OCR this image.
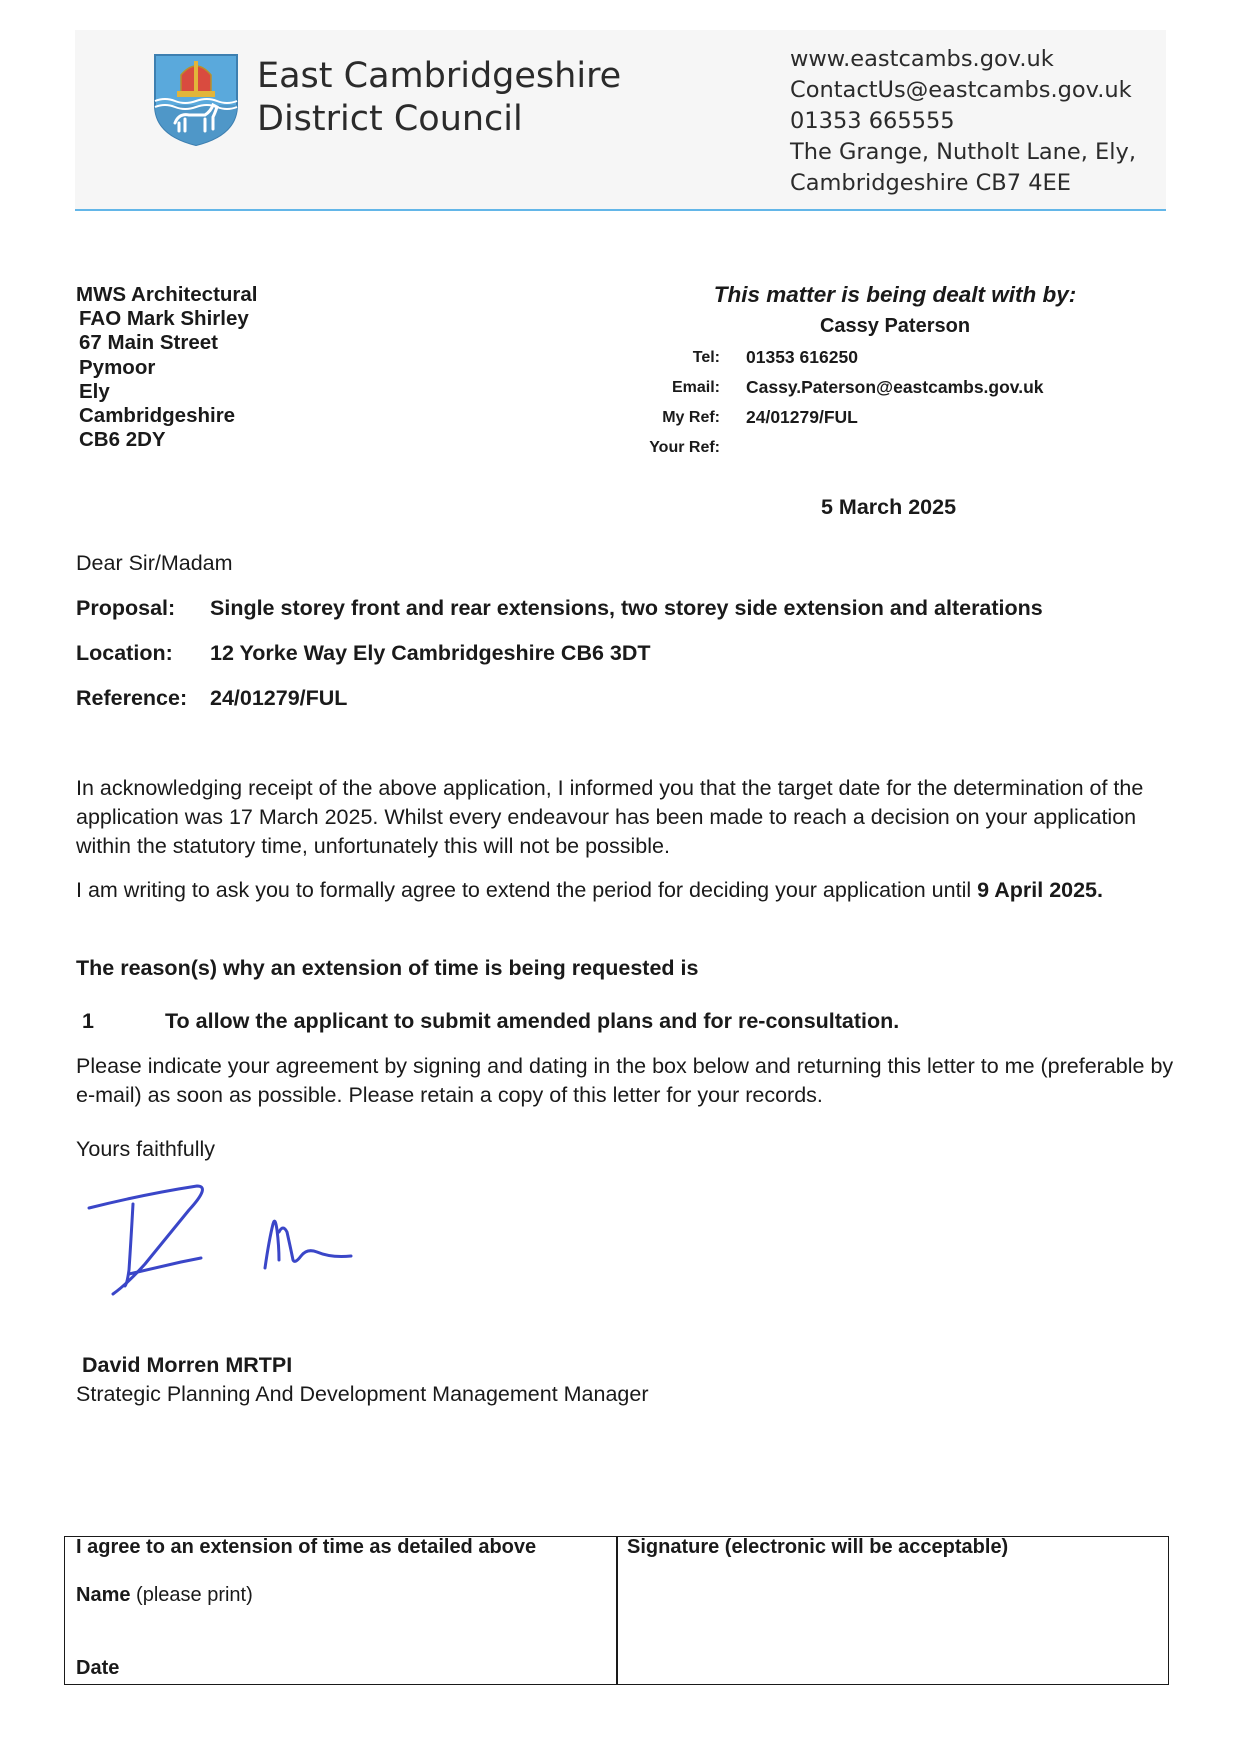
East Cambridgeshire
District Council
www.eastcambs.gov.uk
ContactUs@eastcambs.gov.uk
01353 665555
The Grange, Nutholt Lane, Ely,
Cambridgeshire CB7 4EE
MWS Architectural
FAO Mark Shirley
67 Main Street
Pymoor
Ely
Cambridgeshire
CB6 2DY
This matter is being dealt with by:
Cassy Paterson
Tel: 01353 616250
Email: Cassy.Paterson@eastcambs.gov.uk
My Ref: 24/01279/FUL
Your Ref:
5 March 2025
Dear Sir/Madam
Proposal: Single storey front and rear extensions, two storey side extension and alterations
Location: 12 Yorke Way Ely Cambridgeshire CB6 3DT
Reference: 24/01279/FUL
In acknowledging receipt of the above application, I informed you that the target date for the determination of the application was 17 March 2025. Whilst every endeavour has been made to reach a decision on your application within the statutory time, unfortunately this will not be possible.
I am writing to ask you to formally agree to extend the period for deciding your application until 9 April 2025.
The reason(s) why an extension of time is being requested is
1	To allow the applicant to submit amended plans and for re-consultation.
Please indicate your agreement by signing and dating in the box below and returning this letter to me (preferable by e-mail) as soon as possible. Please retain a copy of this letter for your records.
Yours faithfully
David Morren MRTPI
Strategic Planning And Development Management Manager
I agree to an extension of time as detailed above
Name (please print)
Date
Signature (electronic will be acceptable)
